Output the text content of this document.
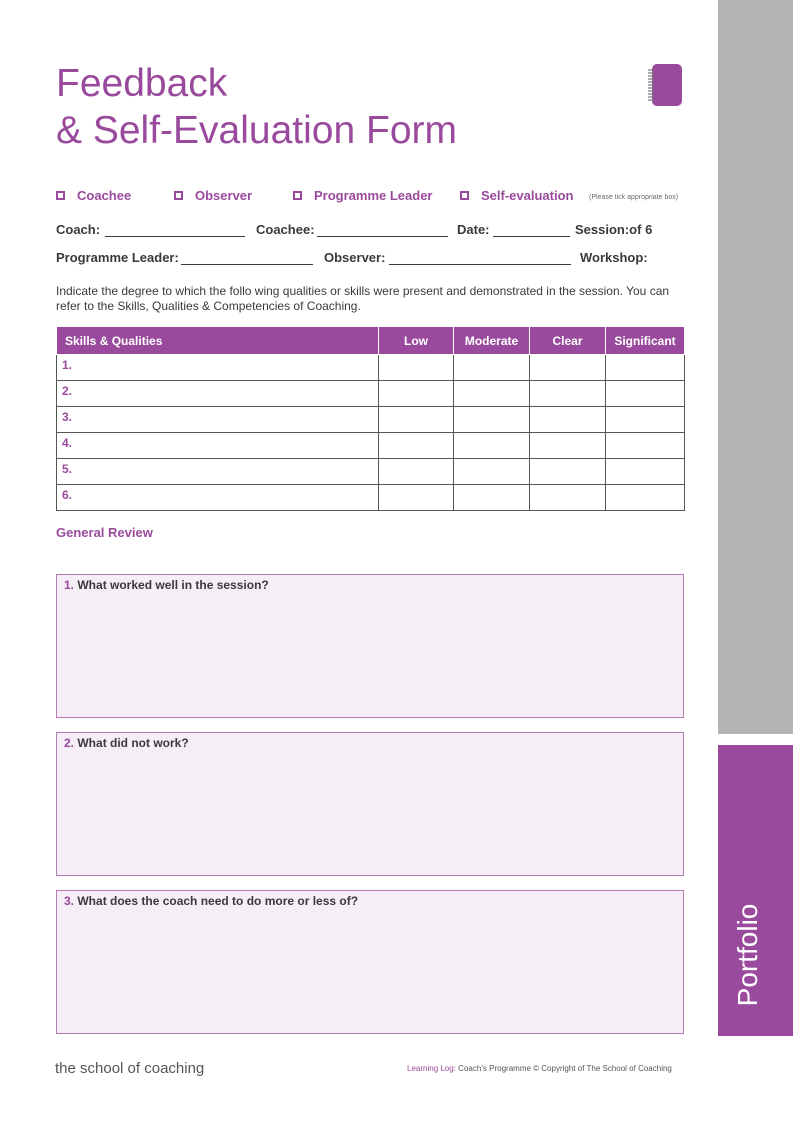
Portfolio
Feedback
& Self-Evaluation Form
Coachee	Observer	Programme Leader	Self-evaluation (Please tick appropriate box)
Coach:	Coachee:	Date:	Session:of 6
Programme Leader:	Observer:	Workshop:
Indicate the degree to which the follo wing qualities or skills were present and demonstrated in the session. You can refer to the Skills, Qualities & Competencies of Coaching.
Skills & Qualities	Low	Moderate	Clear	Significant
1.				
2.				
3.				
4.				
5.				
6.				
General Review
1. What worked well in the session?
2. What did not work?
3. What does the coach need to do more or less of?
the school of coaching	Learning Log: Coach’s Programme © Copyright of The School of Coaching
